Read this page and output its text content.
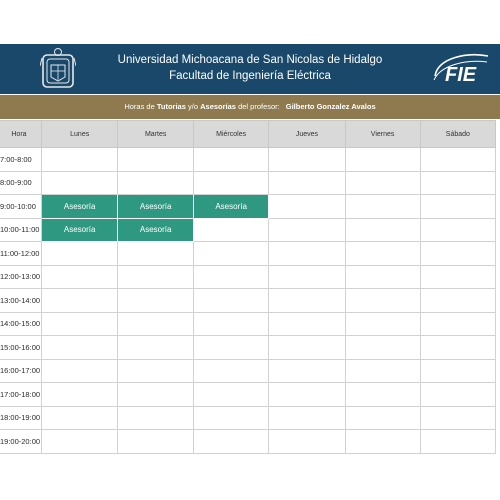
Universidad Michoacana de San Nicolas de Hidalgo
Facultad de Ingeniería Eléctrica	FIE
Horas de Tutorias y/o Asesorías del profesor: Gilberto Gonzalez Avalos
Hora	Lunes	Martes	Miércoles	Jueves	Viernes	Sábado
7:00-8:00						
8:00-9:00						
9:00-10:00	Asesoría	Asesoría	Asesoría			
10:00-11:00	Asesoría	Asesoría				
11:00-12:00						
12:00-13:00						
13:00-14:00						
14:00-15:00						
15:00-16:00						
16:00-17:00						
17:00-18:00						
18:00-19:00						
19:00-20:00						
